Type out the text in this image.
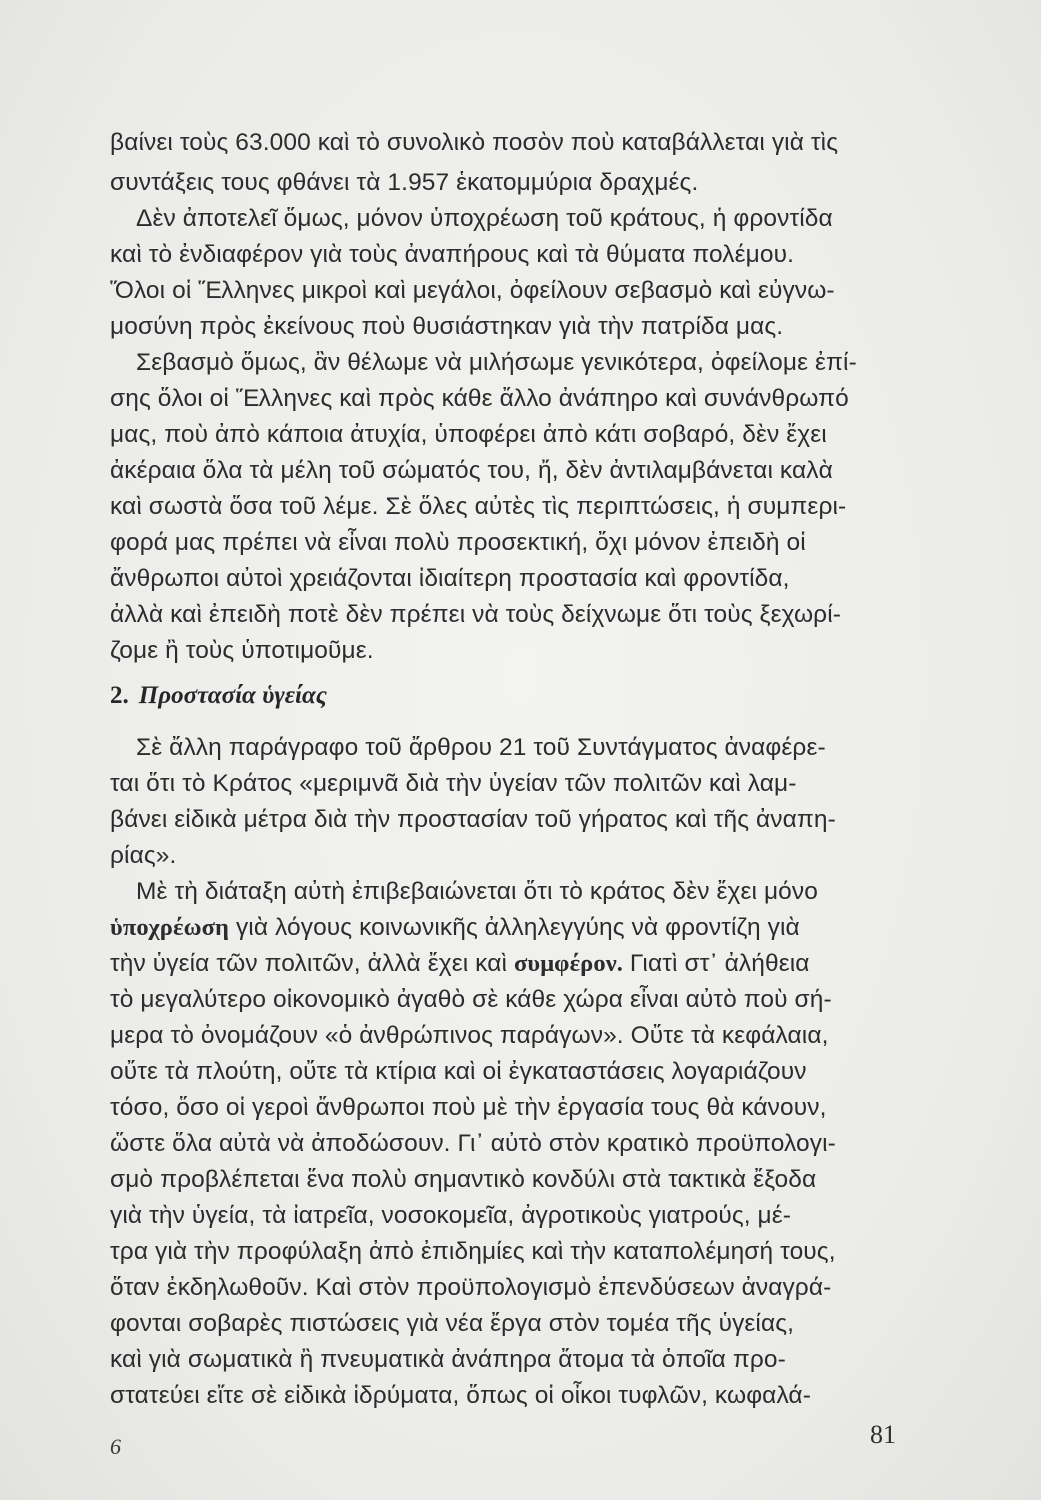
βαίνει τοὺς 63.000 καὶ τὸ συνολικὸ ποσὸν ποὺ καταβάλλεται γιὰ τὶς
συντάξεις τους φθάνει τὰ 1.957 ἑκατομμύρια δραχμές.
Δὲν ἀποτελεῖ ὅμως, μόνον ὑποχρέωση τοῦ κράτους, ἡ φροντίδα
καὶ τὸ ἐνδιαφέρον γιὰ τοὺς ἀναπήρους καὶ τὰ θύματα πολέμου.
Ὅλοι οἱ Ἕλληνες μικροὶ καὶ μεγάλοι, ὀφείλουν σεβασμὸ καὶ εὐγνω-
μοσύνη πρὸς ἐκείνους ποὺ θυσιάστηκαν γιὰ τὴν πατρίδα μας.
Σεβασμὸ ὅμως, ἂν θέλωμε νὰ μιλήσωμε γενικότερα, ὀφείλομε ἐπί-
σης ὅλοι οἱ Ἕλληνες καὶ πρὸς κάθε ἄλλο ἀνάπηρο καὶ συνάνθρωπό
μας, ποὺ ἀπὸ κάποια ἀτυχία, ὑποφέρει ἀπὸ κάτι σοβαρό, δὲν ἔχει
ἀκέραια ὅλα τὰ μέλη τοῦ σώματός του, ἤ, δὲν ἀντιλαμβάνεται καλὰ
καὶ σωστὰ ὅσα τοῦ λέμε. Σὲ ὅλες αὐτὲς τὶς περιπτώσεις, ἡ συμπερι-
φορά μας πρέπει νὰ εἶναι πολὺ προσεκτική, ὄχι μόνον ἐπειδὴ οἱ
ἄνθρωποι αὐτοὶ χρειάζονται ἰδιαίτερη προστασία καὶ φροντίδα,
ἀλλὰ καὶ ἐπειδὴ ποτὲ δὲν πρέπει νὰ τοὺς δείχνωμε ὅτι τοὺς ξεχωρί-
ζομε ἢ τοὺς ὑποτιμοῦμε.
2. Προστασία ὑγείας
Σὲ ἄλλη παράγραφο τοῦ ἄρθρου 21 τοῦ Συντάγματος ἀναφέρε-
ται ὅτι τὸ Κράτος «μεριμνᾶ διὰ τὴν ὑγείαν τῶν πολιτῶν καὶ λαμ-
βάνει εἰδικὰ μέτρα διὰ τὴν προστασίαν τοῦ γήρατος καὶ τῆς ἀναπη-
ρίας».
Μὲ τὴ διάταξη αὐτὴ ἐπιβεβαιώνεται ὅτι τὸ κράτος δὲν ἔχει μόνο
ὑποχρέωση γιὰ λόγους κοινωνικῆς ἀλληλεγγύης νὰ φροντίζη γιὰ
τὴν ὑγεία τῶν πολιτῶν, ἀλλὰ ἔχει καὶ συμφέρον. Γιατὶ στ᾿ ἀλήθεια
τὸ μεγαλύτερο οἰκονομικὸ ἀγαθὸ σὲ κάθε χώρα εἶναι αὐτὸ ποὺ σή-
μερα τὸ ὀνομάζουν «ὁ ἀνθρώπινος παράγων». Οὔτε τὰ κεφάλαια,
οὔτε τὰ πλούτη, οὔτε τὰ κτίρια καὶ οἱ ἐγκαταστάσεις λογαριάζουν
τόσο, ὅσο οἱ γεροὶ ἄνθρωποι ποὺ μὲ τὴν ἐργασία τους θὰ κάνουν,
ὥστε ὅλα αὐτὰ νὰ ἀποδώσουν. Γι᾿ αὐτὸ στὸν κρατικὸ προϋπολογι-
σμὸ προβλέπεται ἕνα πολὺ σημαντικὸ κονδύλι στὰ τακτικὰ ἔξοδα
γιὰ τὴν ὑγεία, τὰ ἰατρεῖα, νοσοκομεῖα, ἀγροτικοὺς γιατρούς, μέ-
τρα γιὰ τὴν προφύλαξη ἀπὸ ἐπιδημίες καὶ τὴν καταπολέμησή τους,
ὅταν ἐκδηλωθοῦν. Καὶ στὸν προϋπολογισμὸ ἐπενδύσεων ἀναγρά-
φονται σοβαρὲς πιστώσεις γιὰ νέα ἔργα στὸν τομέα τῆς ὑγείας,
καὶ γιὰ σωματικὰ ἢ πνευματικὰ ἀνάπηρα ἄτομα τὰ ὁποῖα προ-
στατεύει εἴτε σὲ εἰδικὰ ἱδρύματα, ὅπως οἱ οἶκοι τυφλῶν, κωφαλά-
6	81
